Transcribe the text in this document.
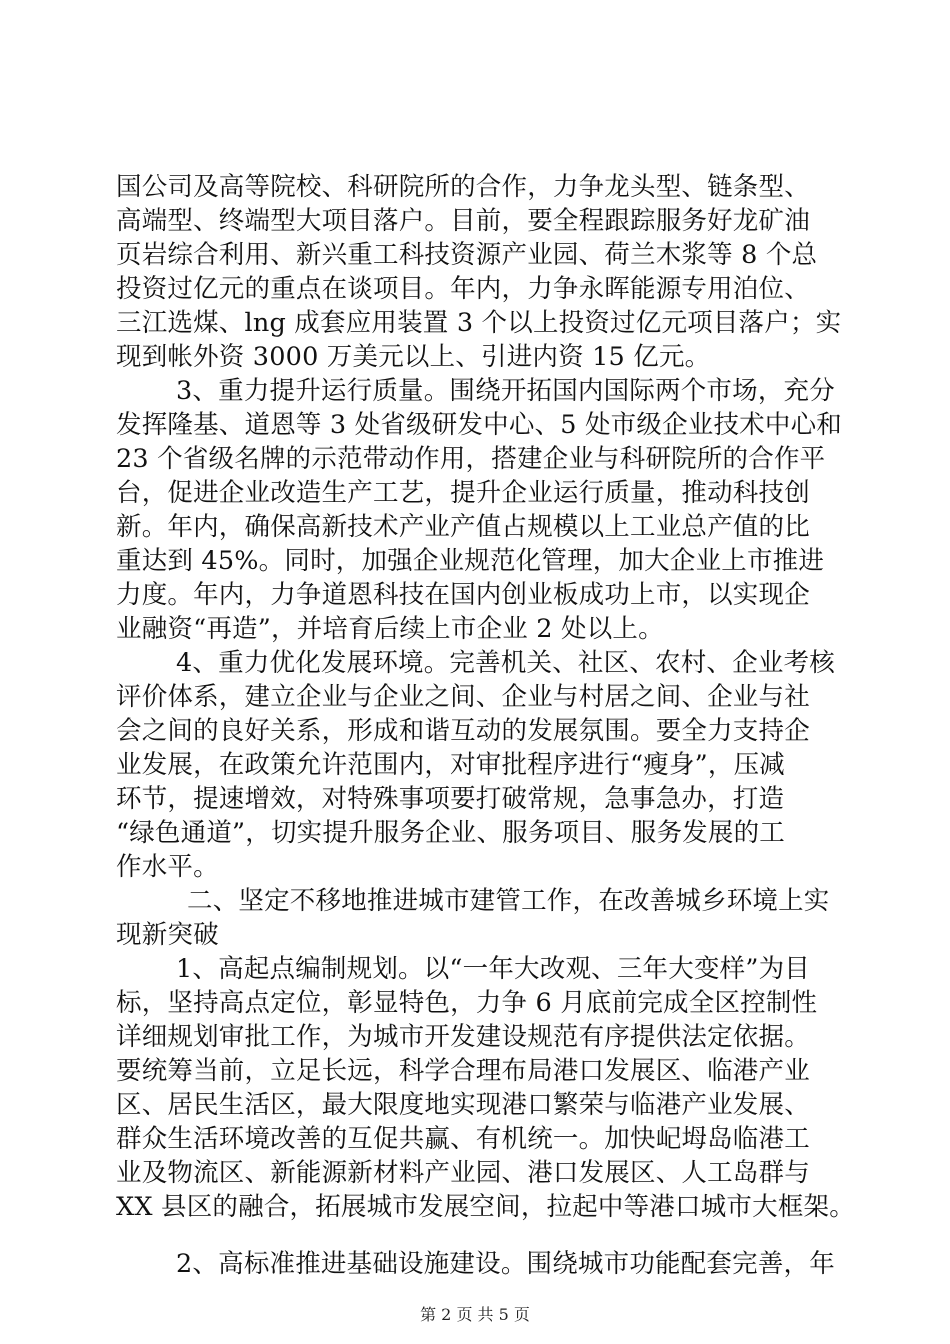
国公司及高等院校、科研院所的合作，力争龙头型、链条型、
高端型、终端型大项目落户。目前，要全程跟踪服务好龙矿油
页岩综合利用、新兴重工科技资源产业园、荷兰木浆等 8 个总
投资过亿元的重点在谈项目。年内，力争永晖能源专用泊位、
三江选煤、lng 成套应用装置 3 个以上投资过亿元项目落户；实
现到帐外资 3000 万美元以上、引进内资 15 亿元。
3、重力提升运行质量。围绕开拓国内国际两个市场，充分
发挥隆基、道恩等 3 处省级研发中心、5 处市级企业技术中心和
23 个省级名牌的示范带动作用，搭建企业与科研院所的合作平
台，促进企业改造生产工艺，提升企业运行质量，推动科技创
新。年内，确保高新技术产业产值占规模以上工业总产值的比
重达到 45%。同时，加强企业规范化管理，加大企业上市推进
力度。年内，力争道恩科技在国内创业板成功上市，以实现企
业融资“再造”，并培育后续上市企业 2 处以上。
4、重力优化发展环境。完善机关、社区、农村、企业考核
评价体系，建立企业与企业之间、企业与村居之间、企业与社
会之间的良好关系，形成和谐互动的发展氛围。要全力支持企
业发展，在政策允许范围内，对审批程序进行“瘦身”，压减
环节，提速增效，对特殊事项要打破常规，急事急办，打造
“绿色通道”，切实提升服务企业、服务项目、服务发展的工
作水平。
二、坚定不移地推进城市建管工作，在改善城乡环境上实
现新突破
1、高起点编制规划。以“一年大改观、三年大变样”为目
标，坚持高点定位，彰显特色，力争 6 月底前完成全区控制性
详细规划审批工作，为城市开发建设规范有序提供法定依据。
要统筹当前，立足长远，科学合理布局港口发展区、临港产业
区、居民生活区，最大限度地实现港口繁荣与临港产业发展、
群众生活环境改善的互促共赢、有机统一。加快屺坶岛临港工
业及物流区、新能源新材料产业园、港口发展区、人工岛群与
XX 县区的融合，拓展城市发展空间，拉起中等港口城市大框架。
2、高标准推进基础设施建设。围绕城市功能配套完善，年
第 2 页 共 5 页
